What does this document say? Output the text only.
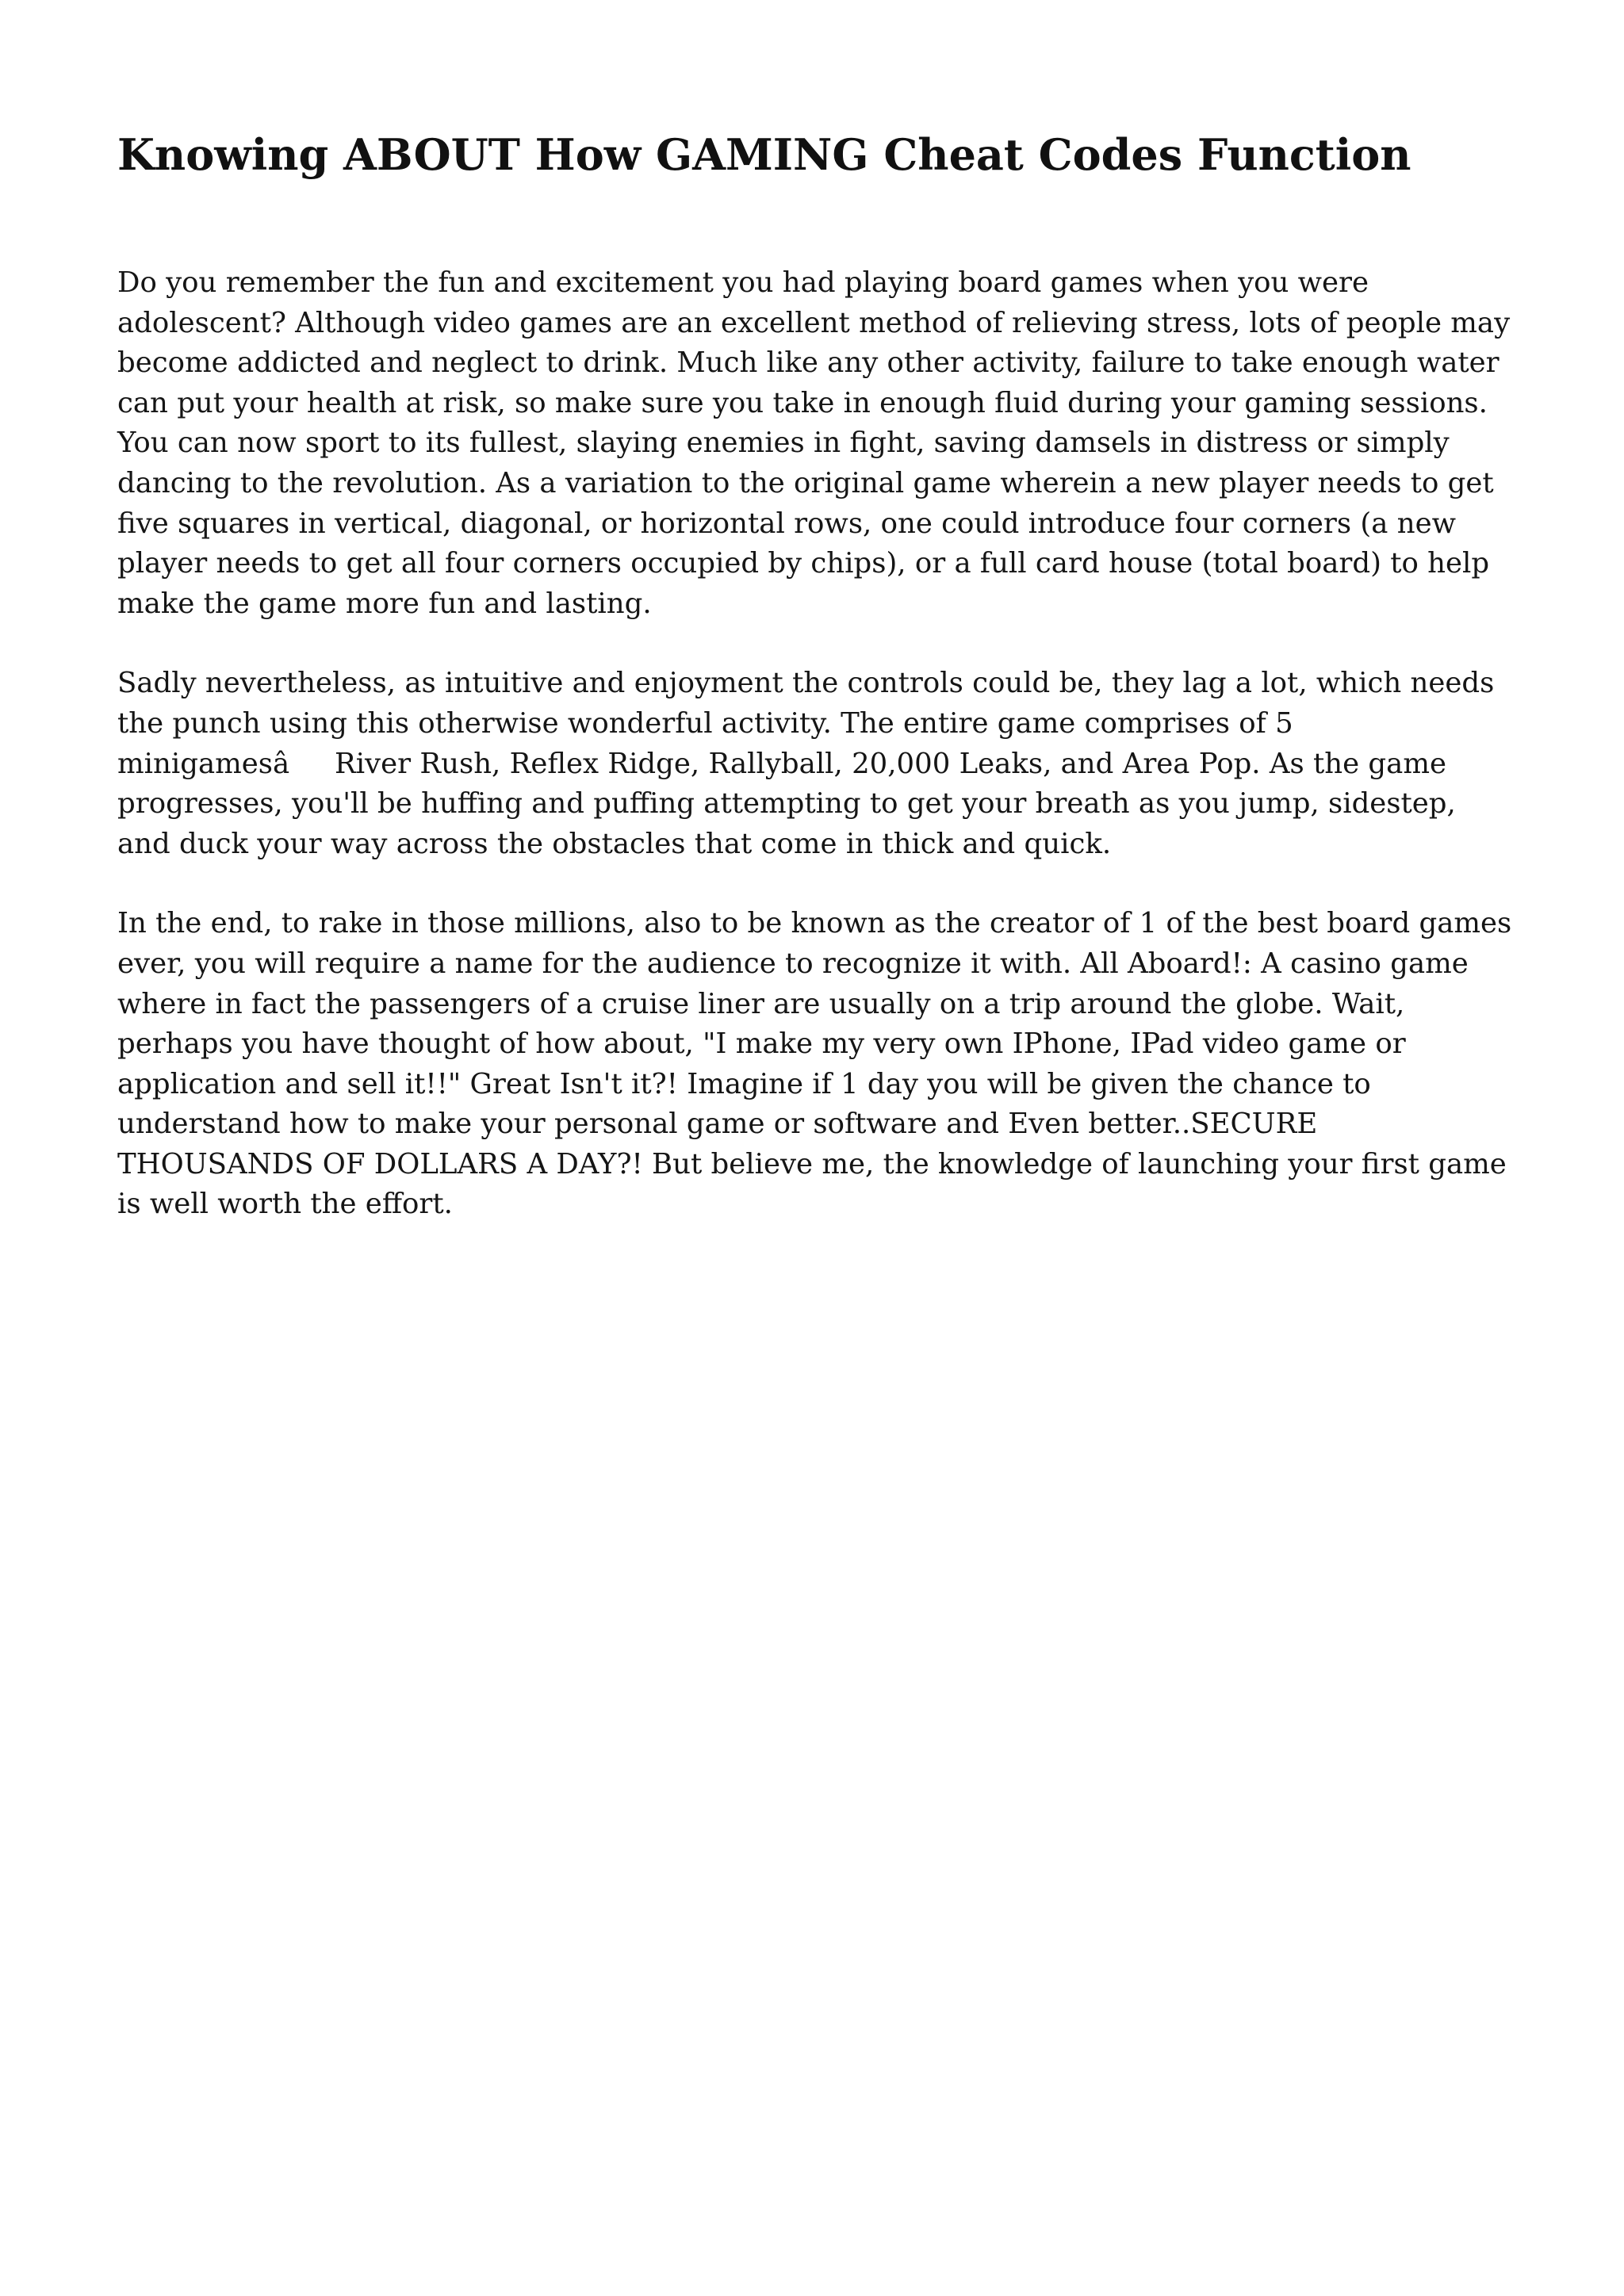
Knowing ABOUT How GAMING Cheat Codes Function

Do you remember the fun and excitement you had playing board games when you were adolescent? Although video games are an excellent method of relieving stress, lots of people may become addicted and neglect to drink. Much like any other activity, failure to take enough water can put your health at risk, so make sure you take in enough fluid during your gaming sessions. You can now sport to its fullest, slaying enemies in fight, saving damsels in distress or simply dancing to the revolution. As a variation to the original game wherein a new player needs to get five squares in vertical, diagonal, or horizontal rows, one could introduce four corners (a new player needs to get all four corners occupied by chips), or a full card house (total board) to help make the game more fun and lasting.

Sadly nevertheless, as intuitive and enjoyment the controls could be, they lag a lot, which needs the punch using this otherwise wonderful activity. The entire game comprises of 5 minigamesâRiver Rush, Reflex Ridge, Rallyball, 20,000 Leaks, and Area Pop. As the game progresses, you'll be huffing and puffing attempting to get your breath as you jump, sidestep, and duck your way across the obstacles that come in thick and quick.

In the end, to rake in those millions, also to be known as the creator of 1 of the best board games ever, you will require a name for the audience to recognize it with. All Aboard!: A casino game where in fact the passengers of a cruise liner are usually on a trip around the globe. Wait, perhaps you have thought of how about, "I make my very own IPhone, IPad video game or application and sell it!!" Great Isn't it?! Imagine if 1 day you will be given the chance to understand how to make your personal game or software and Even better..SECURE THOUSANDS OF DOLLARS A DAY?! But believe me, the knowledge of launching your first game is well worth the effort.
